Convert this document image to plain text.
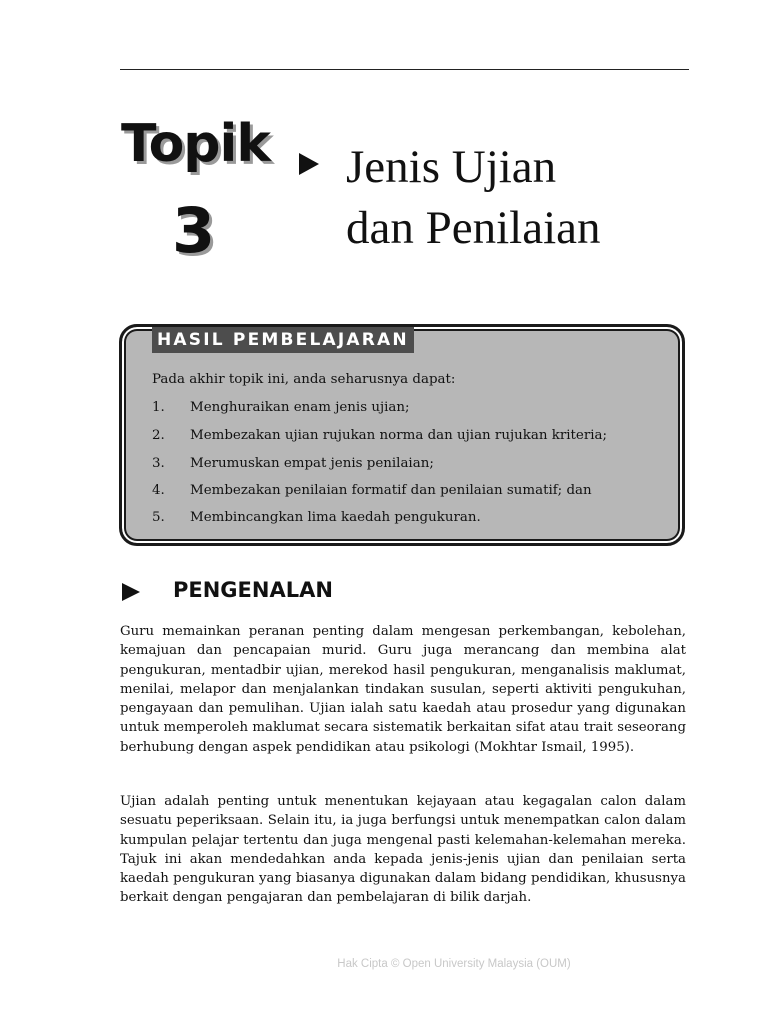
Topik
3
Jenis Ujian
dan Penilaian
HASIL PEMBELAJARAN
Pada akhir topik ini, anda seharusnya dapat:
1. Menghuraikan enam jenis ujian;
2. Membezakan ujian rujukan norma dan ujian rujukan kriteria;
3. Merumuskan empat jenis penilaian;
4. Membezakan penilaian formatif dan penilaian sumatif; dan
5. Membincangkan lima kaedah pengukuran.
PENGENALAN

Guru memainkan peranan penting dalam mengesan perkembangan, kebolehan, kemajuan dan pencapaian murid. Guru juga merancang dan membina alat pengukuran, mentadbir ujian, merekod hasil pengukuran, menganalisis maklumat, menilai, melapor dan menjalankan tindakan susulan, seperti aktiviti pengukuhan, pengayaan dan pemulihan. Ujian ialah satu kaedah atau prosedur yang digunakan untuk memperoleh maklumat secara sistematik berkaitan sifat atau trait seseorang berhubung dengan aspek pendidikan atau psikologi (Mokhtar Ismail, 1995).

Ujian adalah penting untuk menentukan kejayaan atau kegagalan calon dalam sesuatu peperiksaan. Selain itu, ia juga berfungsi untuk menempatkan calon dalam kumpulan pelajar tertentu dan juga mengenal pasti kelemahan-kelemahan mereka. Tajuk ini akan mendedahkan anda kepada jenis-jenis ujian dan penilaian serta kaedah pengukuran yang biasanya digunakan dalam bidang pendidikan, khususnya berkait dengan pengajaran dan pembelajaran di bilik darjah.

Hak Cipta © Open University Malaysia (OUM)
